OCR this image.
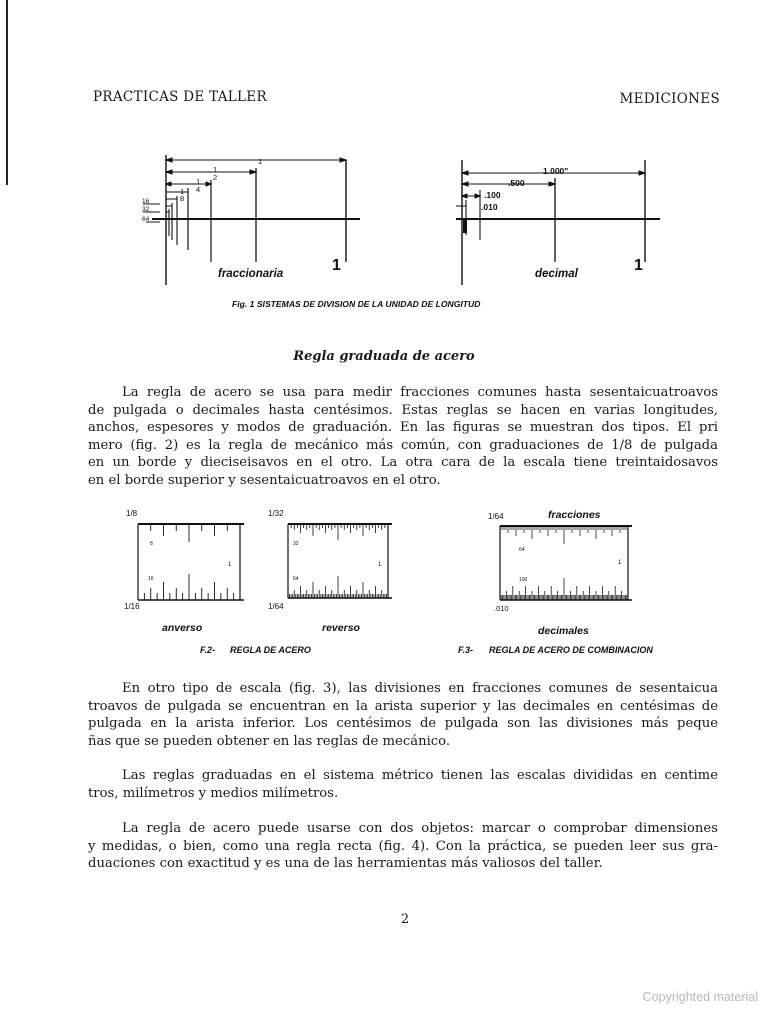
PRACTICAS DE TALLER	MEDICIONES
1
1
2
1
4
1
8
16
32
64
fraccionaria	1
1.000"
.500
.100
.010
decimal	1
Fig. 1 SISTEMAS DE DIVISION DE LA UNIDAD DE LONGITUD
1/8
1/16
anverso
1/32
1/64
reverso
F.2- REGLA DE ACERO
1/64	fracciones
.010
decimales
F.3- REGLA DE ACERO DE COMBINACION
8
16
32
64
64
100
1	1	1
Regla graduada de acero
La regla de acero se usa para medir fracciones comunes hasta sesentaicuatroavos
de pulgada o decimales hasta centésimos. Estas reglas se hacen en varias longitudes,
anchos, espesores y modos de graduación. En las figuras se muestran dos tipos. El pri
mero (fig. 2) es la regla de mecánico más común, con graduaciones de 1/8 de pulgada
en un borde y dieciseisavos en el otro. La otra cara de la escala tiene treintaidosavos
en el borde superior y sesentaicuatroavos en el otro.
En otro tipo de escala (fig. 3), las divisiones en fracciones comunes de sesentaicua
troavos de pulgada se encuentran en la arista superior y las decimales en centésimas de
pulgada en la arista inferior. Los centésimos de pulgada son las divisiones más peque
ñas que se pueden obtener en las reglas de mecánico.
Las reglas graduadas en el sistema métrico tienen las escalas divididas en centime
tros, milímetros y medios milímetros.
La regla de acero puede usarse con dos objetos: marcar o comprobar dimensiones
y medidas, o bien, como una regla recta (fig. 4). Con la práctica, se pueden leer sus gra-
duaciones con exactitud y es una de las herramientas más valiosos del taller.
2
Copyrighted material
